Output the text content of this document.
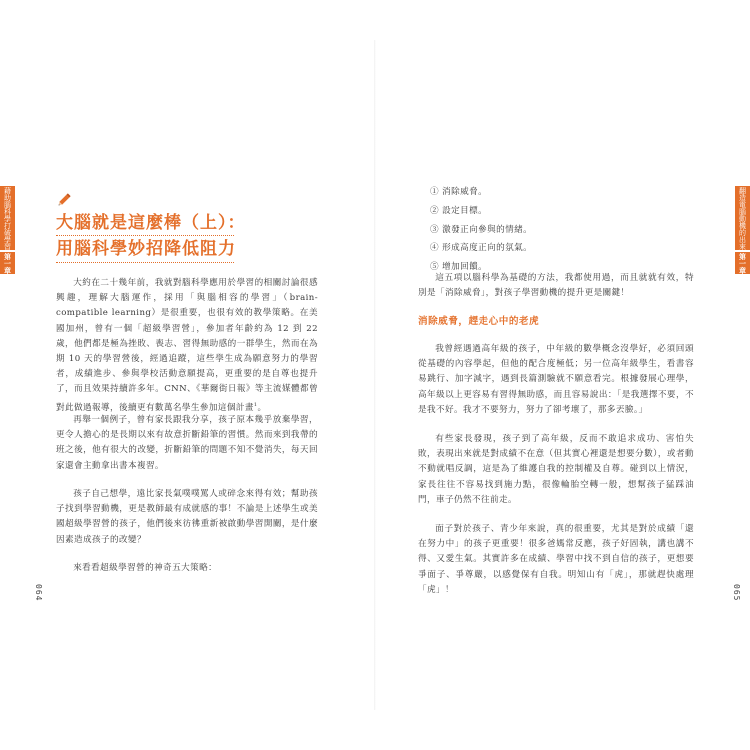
藉助腦科學打破學習
第一章
翻造電腦動機的出來
第一章
064	065
大腦就是這麼棒（上）：
用腦科學妙招降低阻力

大約在二十幾年前，我就對腦科學應用於學習的相關討論很感興趣，理解大腦運作，採用「與腦相容的學習」（brain-compatible learning）是很重要，也很有效的教學策略。在美國加州，曾有一個「超級學習營」，參加者年齡約為 12 到 22 歲，他們都是極為挫敗、喪志、習得無助感的一群學生，然而在為期 10 天的學習營後，經過追蹤，這些學生成為願意努力的學習者，成績進步、參與學校活動意願提高，更重要的是自尊也提升了，而且效果持續許多年。CNN、《華爾街日報》等主流媒體都曾對此做過報導，後續更有數萬名學生參加這個計畫$^1$。

再舉一個例子，曾有家長跟我分享，孩子原本幾乎放棄學習，更令人擔心的是長期以來有故意折斷鉛筆的習慣。然而來到我帶的班之後，他有很大的改變，折斷鉛筆的問題不知不覺消失，每天回家還會主動拿出書本複習。

孩子自己想學，遠比家長氣噗噗罵人或碎念來得有效；幫助孩子找到學習動機，更是教師最有成就感的事！不論是上述學生或美國超級學習營的孩子，他們後來彷彿重新被啟動學習開關，是什麼因素造成孩子的改變？

來看看超級學習營的神奇五大策略：

① 消除威脅。
② 設定目標。
③ 激發正向參與的情緒。
④ 形成高度正向的氛氣。
⑤ 增加回饋。

這五項以腦科學為基礎的方法，我都使用過，而且就就有效，特別是「消除威脅」，對孩子學習動機的提升更是關鍵！

消除威脅，趕走心中的老虎

我曾經遇過高年級的孩子，中年級的數學概念沒學好，必須回頭從基礎的內容學起，但他的配合度極低；另一位高年級學生，看書容易跳行、加字減字，遇到長篇測驗就不願意看完。根據發展心理學，高年級以上更容易有習得無助感，而且容易說出：「是我選擇不要，不是我不好。我才不要努力，努力了卻考壞了，那多丟臉。」

有些家長發現，孩子到了高年級，反而不敢追求成功、害怕失敗，表現出來就是對成績不在意（但其實心裡還是想要分數），或者動不動就唱反調，這是為了維護自我的控制權及自尊。碰到以上情況，家長往往不容易找到施力點，很像輪胎空轉一般，想幫孩子猛踩油門，車子仍然不往前走。

面子對於孩子、青少年來說，真的很重要，尤其是對於成績「還在努力中」的孩子更重要！很多爸媽常反應，孩子好固執，講也講不得、又愛生氣。其實許多在成績、學習中找不到自信的孩子，更想要爭面子、爭尊嚴，以感覺保有自我。明知山有「虎」，那就趕快處理「虎」！
